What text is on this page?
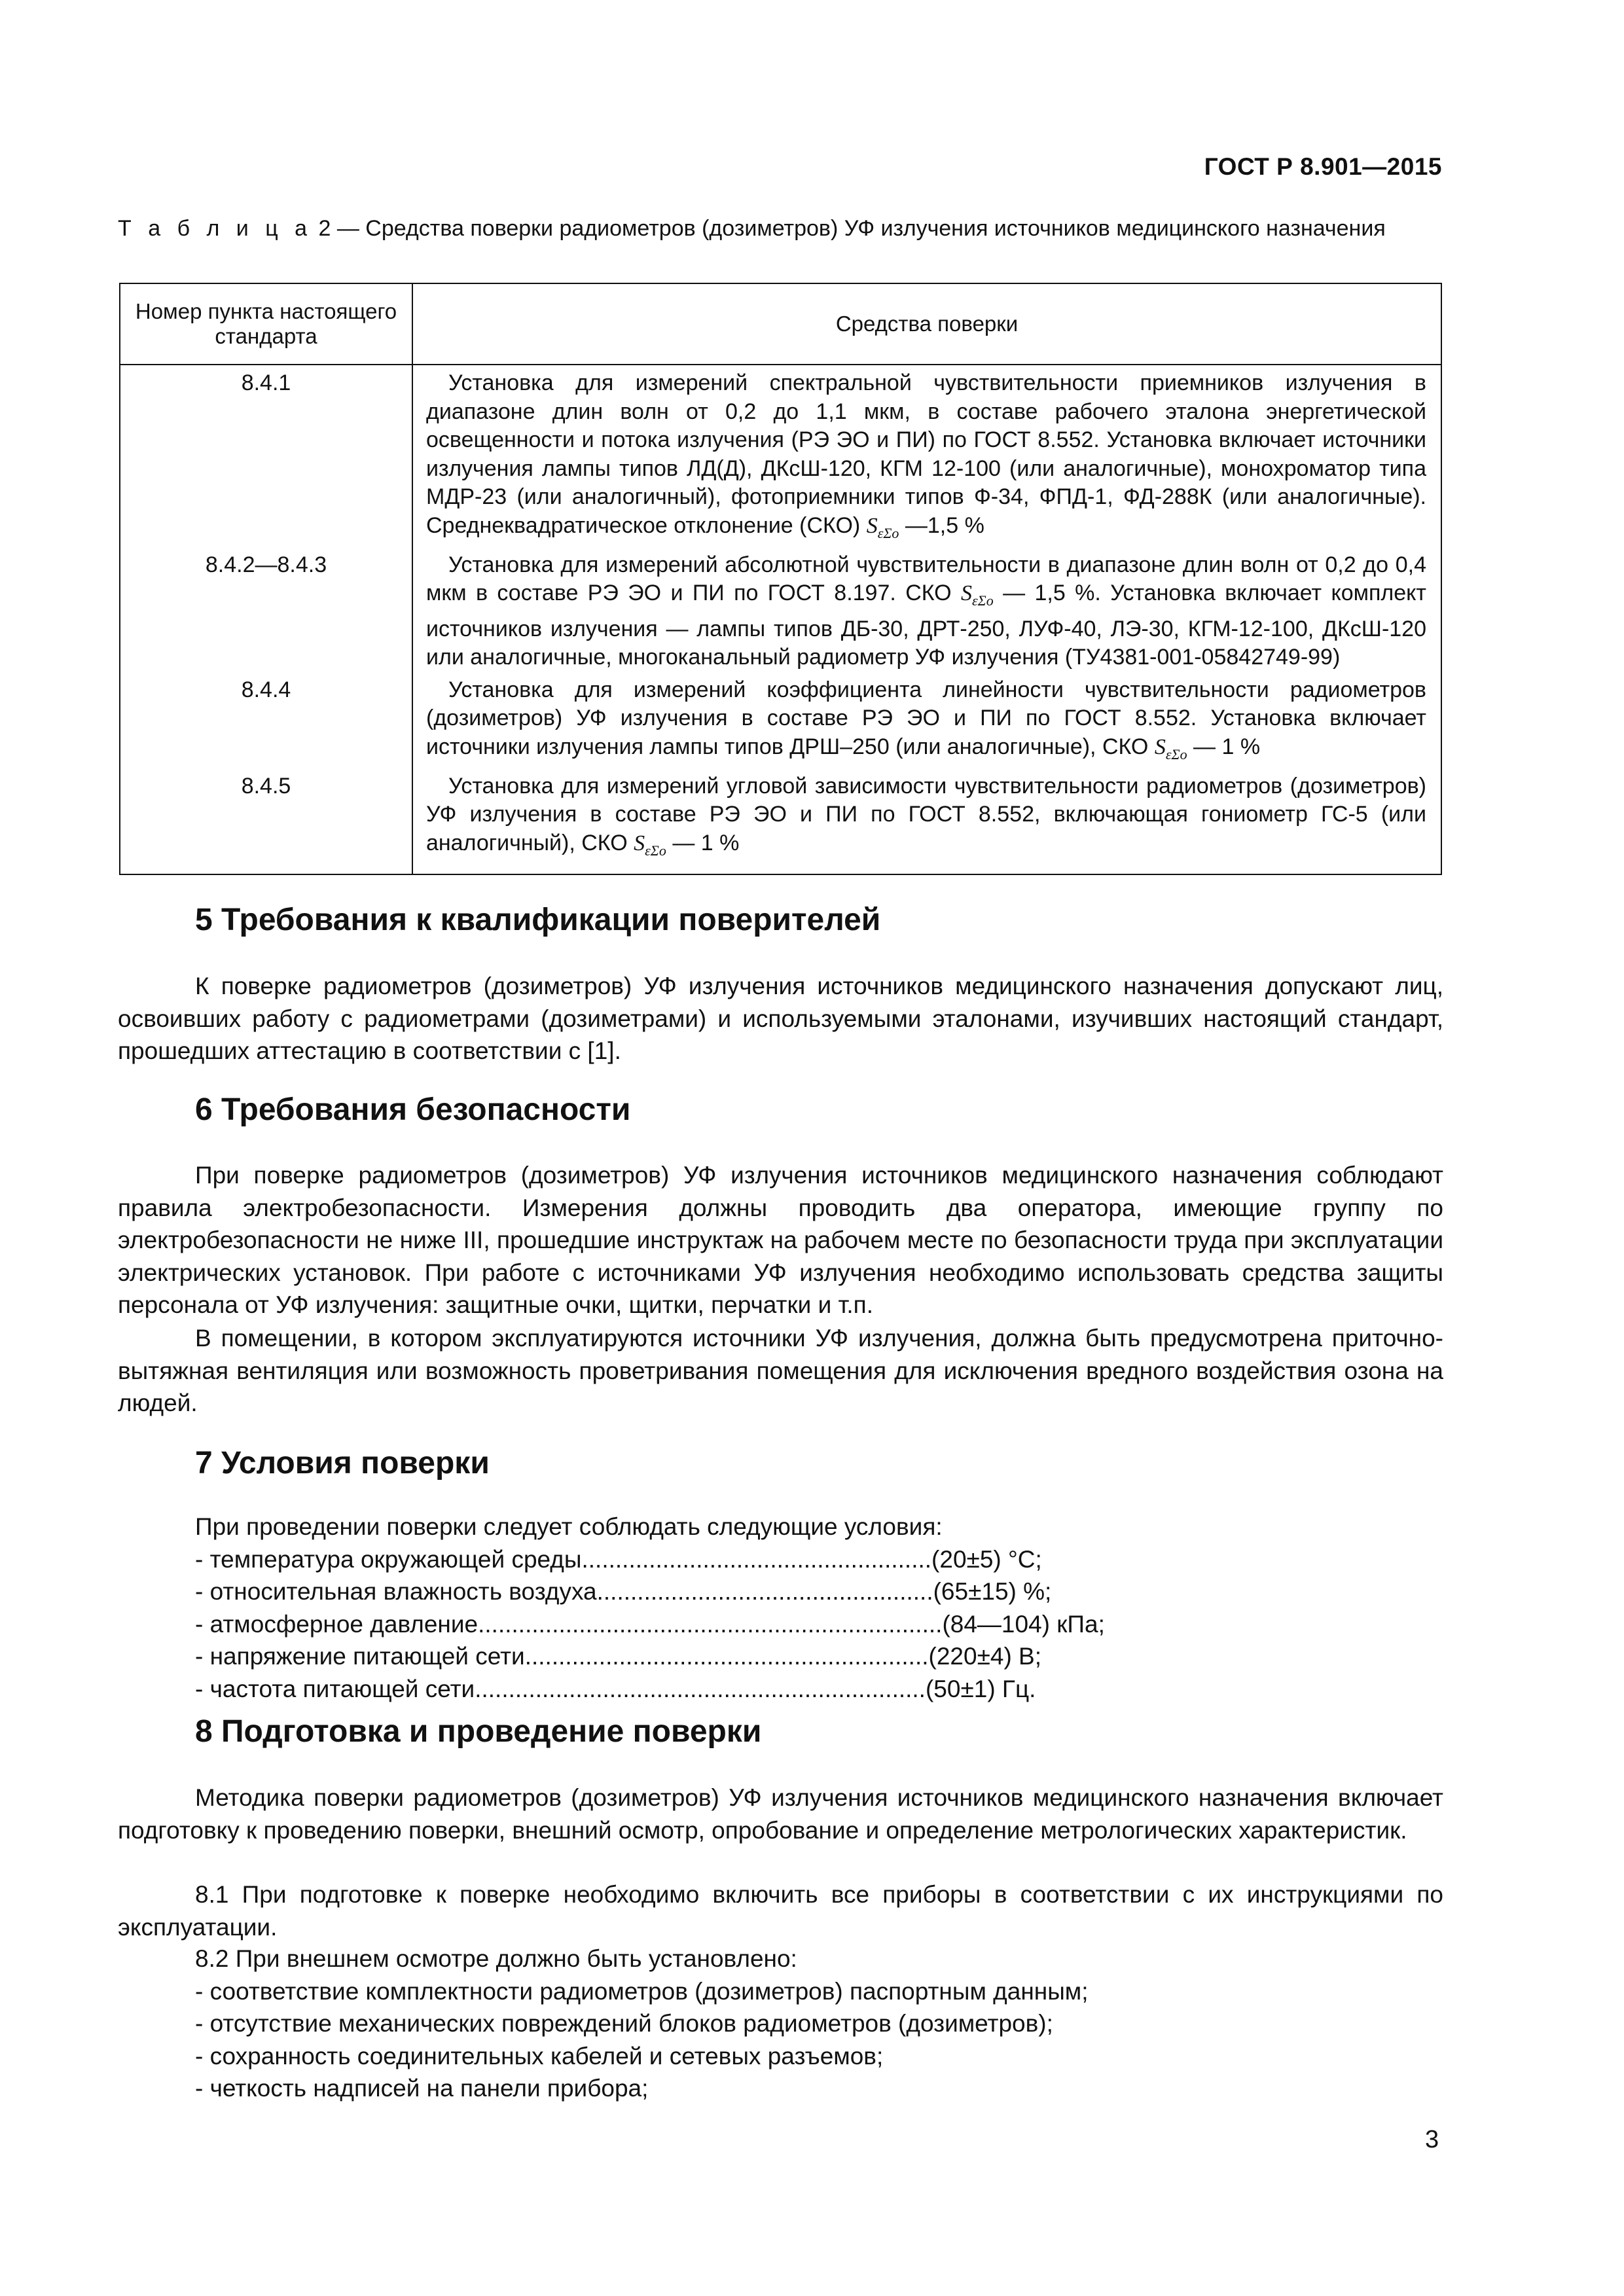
ГОСТ Р 8.901—2015
Т а б л и ц а 2 — Средства поверки радиометров (дозиметров) УФ излучения источников медицинского назначения
Номер пункта настоящего стандарта	Средства поверки
8.4.1	Установка для измерений спектральной чувствительности приемников излучения в диапазоне длин волн от 0,2 до 1,1 мкм, в составе рабочего эталона энергетической освещенности и потока излучения (РЭ ЭО и ПИ) по ГОСТ 8.552. Установка включает источники излучения лампы типов ЛД(Д), ДКсШ-120, КГМ 12-100 (или аналогичные), монохроматор типа МДР-23 (или аналогичный), фотоприемники типов Ф-34, ФПД-1, ФД-288К (или аналогичные). Среднеквадратическое отклонение (СКО) $S_{\varepsilon\Sigma o}$ —1,5 %
8.4.2—8.4.3	Установка для измерений абсолютной чувствительности в диапазоне длин волн от 0,2 до 0,4 мкм в составе РЭ ЭО и ПИ по ГОСТ 8.197. СКО $S_{\varepsilon\Sigma o}$ — 1,5 %. Установка включает комплект источников излучения — лампы типов ДБ-30, ДРТ-250, ЛУФ-40, ЛЭ-30, КГМ-12-100, ДКсШ-120 или аналогичные, многоканальный радиометр УФ излучения (ТУ4381-001-05842749-99)
8.4.4	Установка для измерений коэффициента линейности чувствительности радиометров (дозиметров) УФ излучения в составе РЭ ЭО и ПИ по ГОСТ 8.552. Установка включает источники излучения лампы типов ДРШ–250 (или аналогичные), СКО $S_{\varepsilon\Sigma o}$ — 1 %
8.4.5	Установка для измерений угловой зависимости чувствительности радиометров (дозиметров) УФ излучения в составе РЭ ЭО и ПИ по ГОСТ 8.552, включающая гониометр ГС-5 (или аналогичный), СКО $S_{\varepsilon\Sigma o}$ — 1 %
5 Требования к квалификации поверителей

К поверке радиометров (дозиметров) УФ излучения источников медицинского назначения допускают лиц, освоивших работу с радиометрами (дозиметрами) и используемыми эталонами, изучивших настоящий стандарт, прошедших аттестацию в соответствии с [1].

6 Требования безопасности

При поверке радиометров (дозиметров) УФ излучения источников медицинского назначения соблюдают правила электробезопасности. Измерения должны проводить два оператора, имеющие группу по электробезопасности не ниже III, прошедшие инструктаж на рабочем месте по безопасности труда при эксплуатации электрических установок. При работе с источниками УФ излучения необходимо использовать средства защиты персонала от УФ излучения: защитные очки, щитки, перчатки и т.п.

В помещении, в котором эксплуатируются источники УФ излучения, должна быть предусмотрена приточно-вытяжная вентиляция или возможность проветривания помещения для исключения вредного воздействия озона на людей.

7 Условия поверки
При проведении поверки следует соблюдать следующие условия:
- температура окружающей среды .................................................... (20±5) °С;
- относительная влажность воздуха .................................................. (65±15) %;
- атмосферное давление ..................................................................... (84—104) кПа;
- напряжение питающей сети ............................................................ (220±4) В;
- частота питающей сети ................................................................... (50±1) Гц.
8 Подготовка и проведение поверки

Методика поверки радиометров (дозиметров) УФ излучения источников медицинского назначения включает подготовку к проведению поверки, внешний осмотр, опробование и определение метрологических характеристик.

8.1 При подготовке к поверке необходимо включить все приборы в соответствии с их инструкциями по эксплуатации.

8.2 При внешнем осмотре должно быть установлено:
- соответствие комплектности радиометров (дозиметров) паспортным данным;
- отсутствие механических повреждений блоков радиометров (дозиметров);
- сохранность соединительных кабелей и сетевых разъемов;
- четкость надписей на панели прибора;
3
